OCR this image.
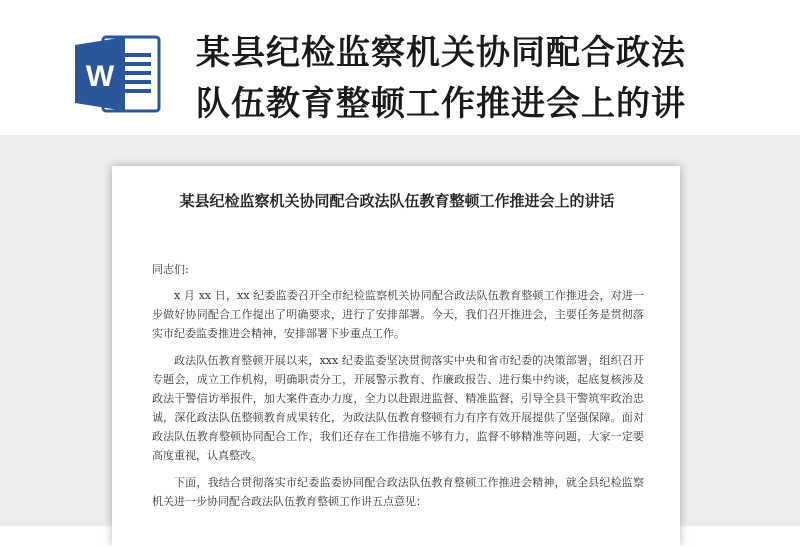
W
某县纪检监察机关协同配合政法
队伍教育整顿工作推进会上的讲
某县纪检监察机关协同配合政法队伍教育整顿工作推进会上的讲话

同志们:

x 月 xx 日，xx 纪委监委召开全市纪检监察机关协同配合政法队伍教育整顿工作推进会，对进一步做好协同配合工作提出了明确要求，进行了安排部署。今天，我们召开推进会，主要任务是贯彻落实市纪委监委推进会精神，安排部署下步重点工作。

政法队伍教育整顿开展以来，xxx 纪委监委坚决贯彻落实中央和省市纪委的决策部署，组织召开专题会，成立工作机构，明确职责分工，开展警示教育、作廉政报告、进行集中约谈，起底复核涉及政法干警信访举报件，加大案件查办力度，全力以赴跟进监督、精准监督，引导全县干警筑牢政治忠诚，深化政法队伍整顿教育成果转化，为政法队伍教育整顿有力有序有效开展提供了坚强保障。面对政法队伍教育整顿协同配合工作，我们还存在工作措施不够有力，监督不够精准等问题，大家一定要高度重视，认真整改。

下面，我结合贯彻落实市纪委监委协同配合政法队伍教育整顿工作推进会精神，就全县纪检监察机关进一步协同配合政法队伍教育整顿工作讲五点意见：
